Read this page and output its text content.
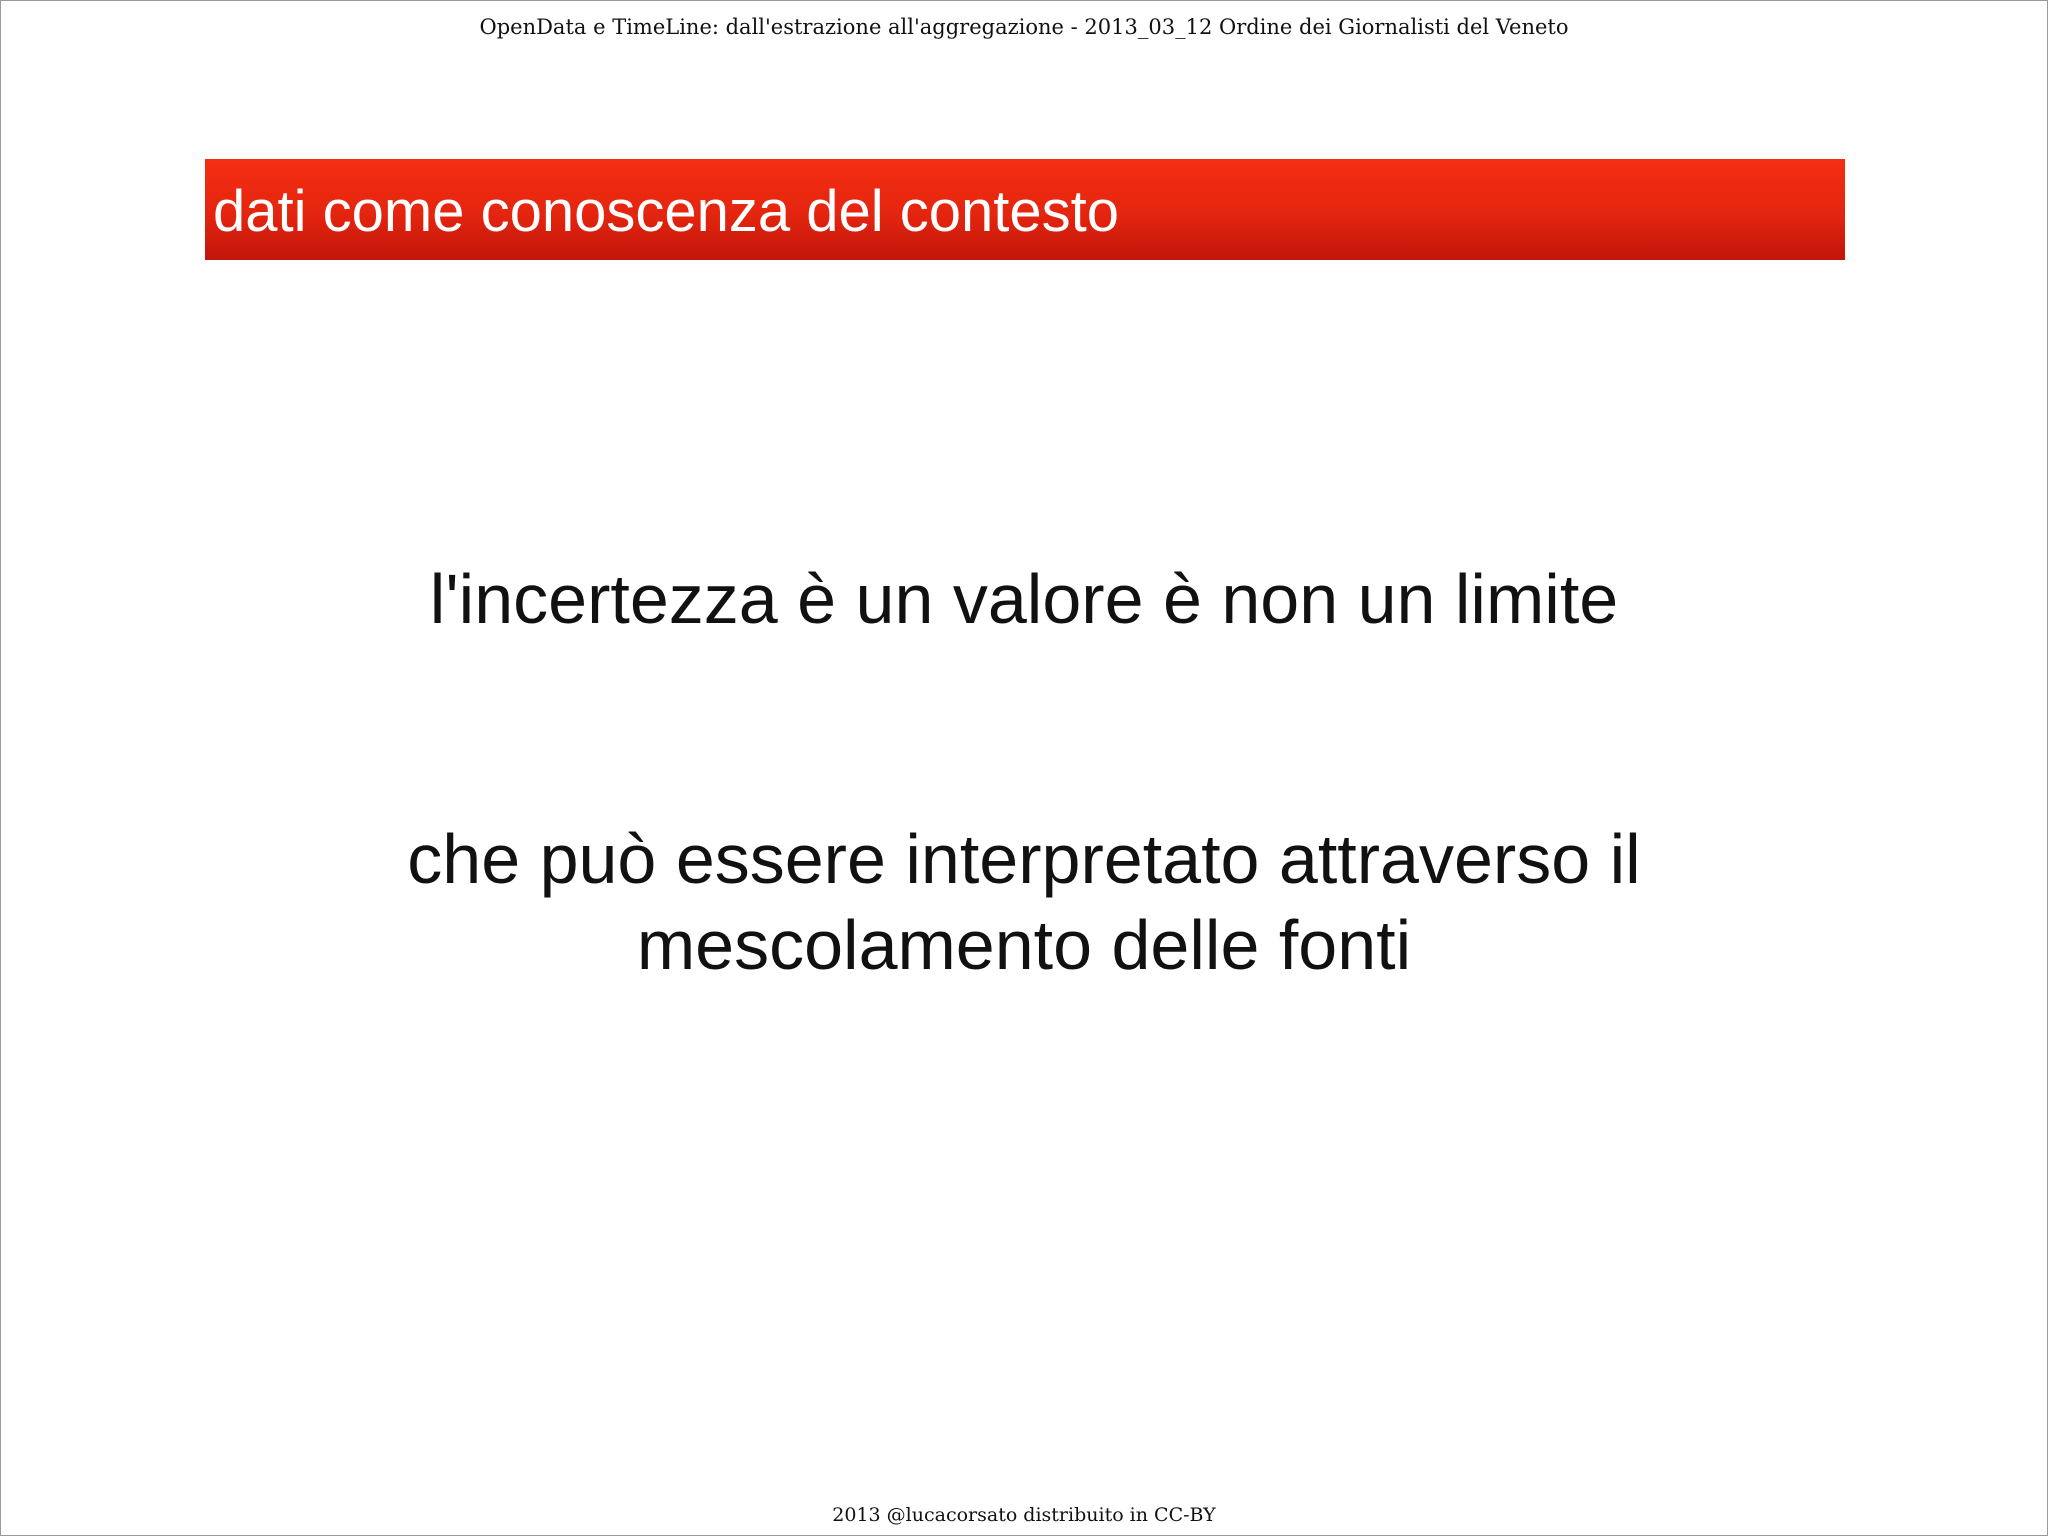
OpenData e TimeLine: dall'estrazione all'aggregazione - 2013_03_12 Ordine dei Giornalisti del Veneto
dati come conoscenza del contesto
l'incertezza è un valore è non un limite
che può essere interpretato attraverso il
mescolamento delle fonti
2013 @lucacorsato distribuito in CC-BY
